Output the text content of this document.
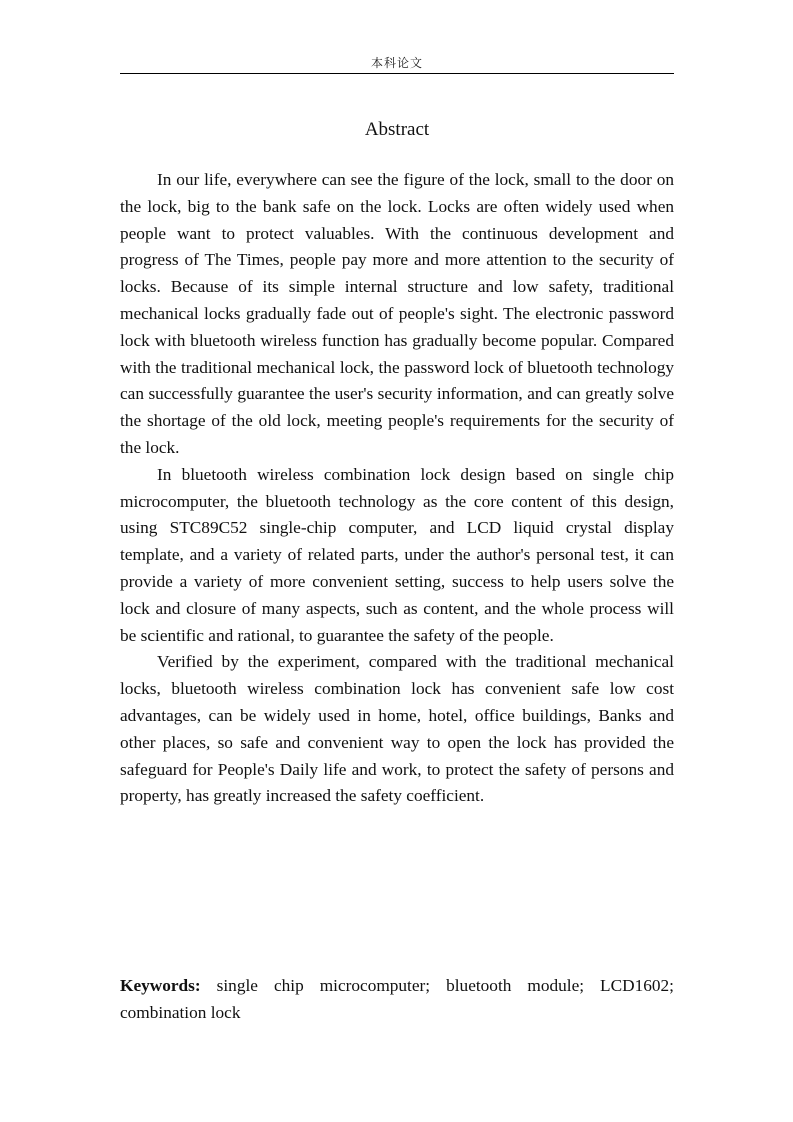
本科论文
Abstract

In our life, everywhere can see the figure of the lock, small to the door on the lock, big to the bank safe on the lock. Locks are often widely used when people want to protect valuables. With the continuous development and progress of The Times, people pay more and more attention to the security of locks. Because of its simple internal structure and low safety, traditional mechanical locks gradually fade out of people's sight. The electronic password lock with bluetooth wireless function has gradually become popular. Compared with the traditional mechanical lock, the password lock of bluetooth technology can successfully guarantee the user's security information, and can greatly solve the shortage of the old lock, meeting people's requirements for the security of the lock.

In bluetooth wireless combination lock design based on single chip microcomputer, the bluetooth technology as the core content of this design, using STC89C52 single-chip computer, and LCD liquid crystal display template, and a variety of related parts, under the author's personal test, it can provide a variety of more convenient setting, success to help users solve the lock and closure of many aspects, such as content, and the whole process will be scientific and rational, to guarantee the safety of the people.

Verified by the experiment, compared with the traditional mechanical locks, bluetooth wireless combination lock has convenient safe low cost advantages, can be widely used in home, hotel, office buildings, Banks and other places, so safe and convenient way to open the lock has provided the safeguard for People's Daily life and work, to protect the safety of persons and property, has greatly increased the safety coefficient.

Keywords: single chip microcomputer; bluetooth module; LCD1602; combination lock
